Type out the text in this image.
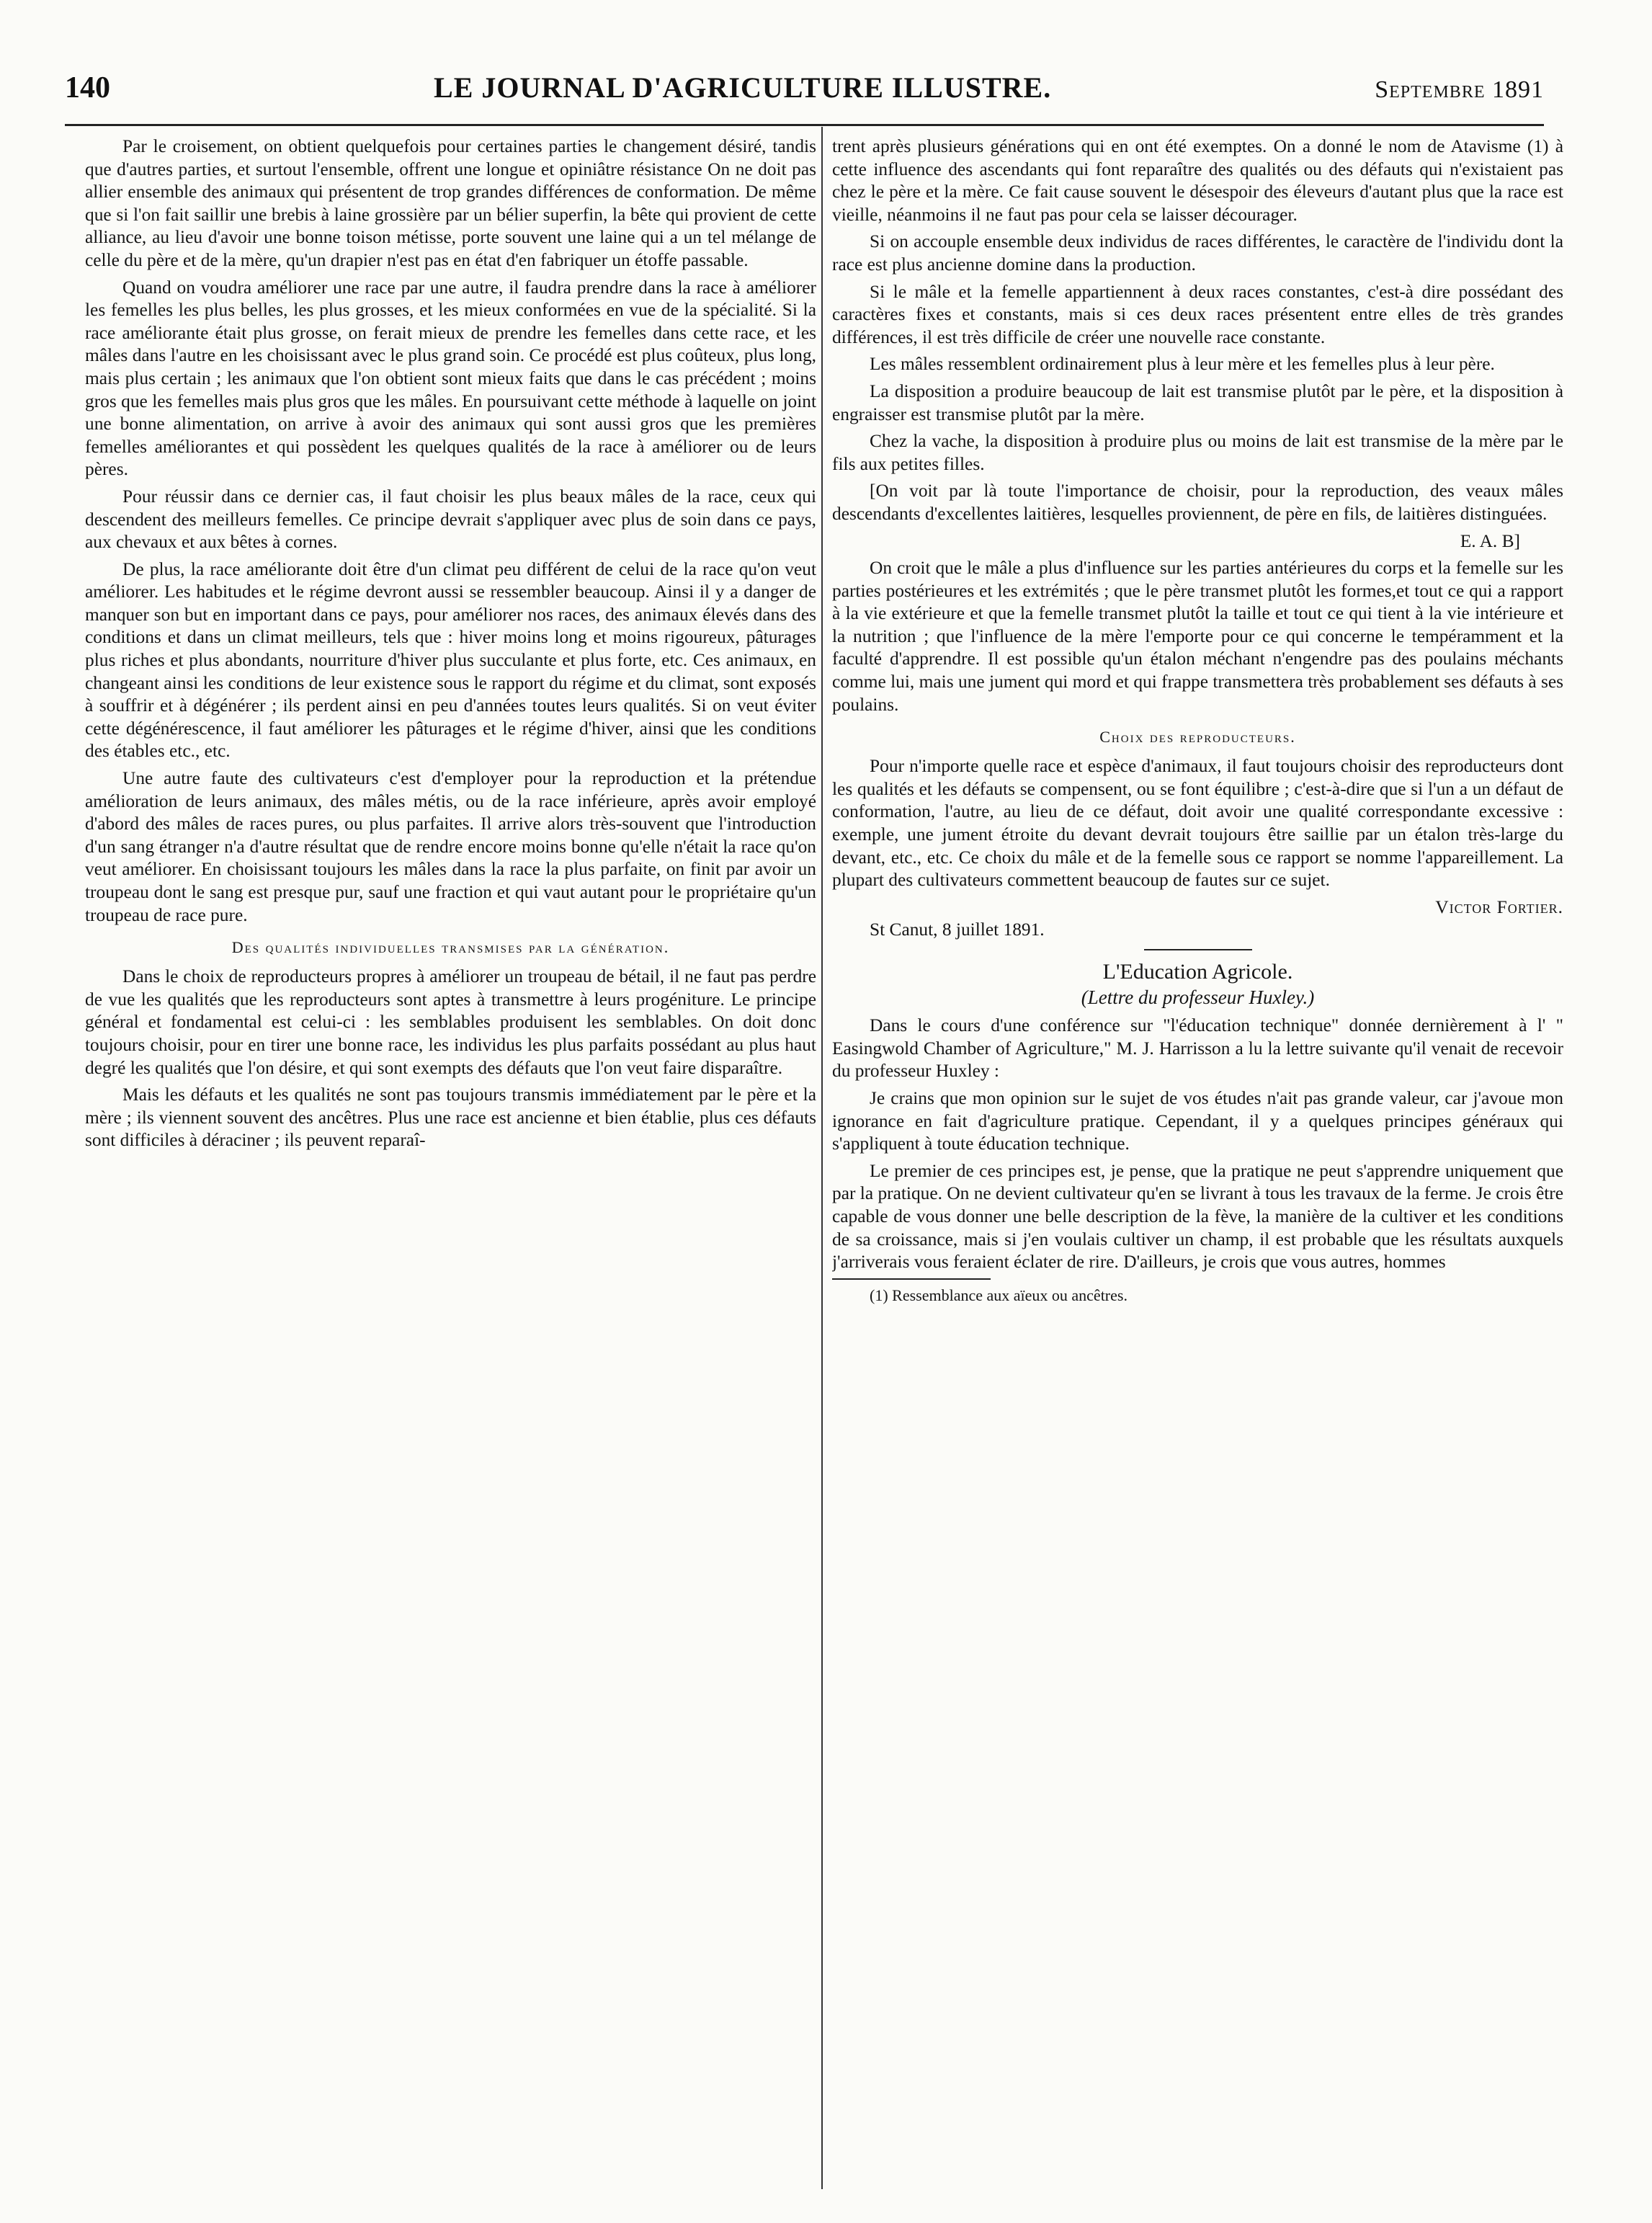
140	LE JOURNAL D'AGRICULTURE ILLUSTRE.	Septembre 1891

Par le croisement, on obtient quelquefois pour certaines parties le changement désiré, tandis que d'autres parties, et surtout l'ensemble, offrent une longue et opiniâtre résistance On ne doit pas allier ensemble des animaux qui présentent de trop grandes différences de conformation. De même que si l'on fait saillir une brebis à laine grossière par un bélier superfin, la bête qui provient de cette alliance, au lieu d'avoir une bonne toison métisse, porte souvent une laine qui a un tel mélange de celle du père et de la mère, qu'un drapier n'est pas en état d'en fabriquer un étoffe passable.

Quand on voudra améliorer une race par une autre, il faudra prendre dans la race à améliorer les femelles les plus belles, les plus grosses, et les mieux conformées en vue de la spécialité. Si la race améliorante était plus grosse, on ferait mieux de prendre les femelles dans cette race, et les mâles dans l'autre en les choisissant avec le plus grand soin. Ce procédé est plus coûteux, plus long, mais plus certain ; les animaux que l'on obtient sont mieux faits que dans le cas précédent ; moins gros que les femelles mais plus gros que les mâles. En poursuivant cette méthode à laquelle on joint une bonne alimentation, on arrive à avoir des animaux qui sont aussi gros que les premières femelles améliorantes et qui possèdent les quelques qualités de la race à améliorer ou de leurs pères.

Pour réussir dans ce dernier cas, il faut choisir les plus beaux mâles de la race, ceux qui descendent des meilleurs femelles. Ce principe devrait s'appliquer avec plus de soin dans ce pays, aux chevaux et aux bêtes à cornes.

De plus, la race améliorante doit être d'un climat peu différent de celui de la race qu'on veut améliorer. Les habitudes et le régime devront aussi se ressembler beaucoup. Ainsi il y a danger de manquer son but en important dans ce pays, pour améliorer nos races, des animaux élevés dans des conditions et dans un climat meilleurs, tels que : hiver moins long et moins rigoureux, pâturages plus riches et plus abondants, nourriture d'hiver plus succulante et plus forte, etc. Ces animaux, en changeant ainsi les conditions de leur existence sous le rapport du régime et du climat, sont exposés à souffrir et à dégénérer ; ils perdent ainsi en peu d'années toutes leurs qualités. Si on veut éviter cette dégénérescence, il faut améliorer les pâturages et le régime d'hiver, ainsi que les conditions des étables etc., etc.

Une autre faute des cultivateurs c'est d'employer pour la reproduction et la prétendue amélioration de leurs animaux, des mâles métis, ou de la race inférieure, après avoir employé d'abord des mâles de races pures, ou plus parfaites. Il arrive alors très-souvent que l'introduction d'un sang étranger n'a d'autre résultat que de rendre encore moins bonne qu'elle n'était la race qu'on veut améliorer. En choisissant toujours les mâles dans la race la plus parfaite, on finit par avoir un troupeau dont le sang est presque pur, sauf une fraction et qui vaut autant pour le propriétaire qu'un troupeau de race pure.

Des qualités individuelles transmises par la génération.

Dans le choix de reproducteurs propres à améliorer un troupeau de bétail, il ne faut pas perdre de vue les qualités que les reproducteurs sont aptes à transmettre à leurs progéniture. Le principe général et fondamental est celui-ci : les semblables produisent les semblables. On doit donc toujours choisir, pour en tirer une bonne race, les individus les plus parfaits possédant au plus haut degré les qualités que l'on désire, et qui sont exempts des défauts que l'on veut faire disparaître.

Mais les défauts et les qualités ne sont pas toujours transmis immédiatement par le père et la mère ; ils viennent souvent des ancêtres. Plus une race est ancienne et bien établie, plus ces défauts sont difficiles à déraciner ; ils peuvent reparaî-

trent après plusieurs générations qui en ont été exemptes. On a donné le nom de Atavisme (1) à cette influence des ascendants qui font reparaître des qualités ou des défauts qui n'existaient pas chez le père et la mère. Ce fait cause souvent le désespoir des éleveurs d'autant plus que la race est vieille, néanmoins il ne faut pas pour cela se laisser décourager.

Si on accouple ensemble deux individus de races différentes, le caractère de l'individu dont la race est plus ancienne domine dans la production.

Si le mâle et la femelle appartiennent à deux races constantes, c'est-à dire possédant des caractères fixes et constants, mais si ces deux races présentent entre elles de très grandes différences, il est très difficile de créer une nouvelle race constante.

Les mâles ressemblent ordinairement plus à leur mère et les femelles plus à leur père.

La disposition a produire beaucoup de lait est transmise plutôt par le père, et la disposition à engraisser est transmise plutôt par la mère.

Chez la vache, la disposition à produire plus ou moins de lait est transmise de la mère par le fils aux petites filles.

[On voit par là toute l'importance de choisir, pour la reproduction, des veaux mâles descendants d'excellentes laitières, lesquelles proviennent, de père en fils, de laitières distinguées.

E. A. B]

On croit que le mâle a plus d'influence sur les parties antérieures du corps et la femelle sur les parties postérieures et les extrémités ; que le père transmet plutôt les formes,et tout ce qui a rapport à la vie extérieure et que la femelle transmet plutôt la taille et tout ce qui tient à la vie intérieure et la nutrition ; que l'influence de la mère l'emporte pour ce qui concerne le tempéramment et la faculté d'apprendre. Il est possible qu'un étalon méchant n'engendre pas des poulains méchants comme lui, mais une jument qui mord et qui frappe transmettera très probablement ses défauts à ses poulains.

Choix des reproducteurs.

Pour n'importe quelle race et espèce d'animaux, il faut toujours choisir des reproducteurs dont les qualités et les défauts se compensent, ou se font équilibre ; c'est-à-dire que si l'un a un défaut de conformation, l'autre, au lieu de ce défaut, doit avoir une qualité correspondante excessive : exemple, une jument étroite du devant devrait toujours être saillie par un étalon très-large du devant, etc., etc. Ce choix du mâle et de la femelle sous ce rapport se nomme l'appareillement. La plupart des cultivateurs commettent beaucoup de fautes sur ce sujet.

Victor Fortier.

St Canut, 8 juillet 1891.

L'Education Agricole.
(Lettre du professeur Huxley.)

Dans le cours d'une conférence sur "l'éducation technique" donnée dernièrement à l' " Easingwold Chamber of Agriculture," M. J. Harrisson a lu la lettre suivante qu'il venait de recevoir du professeur Huxley :

Je crains que mon opinion sur le sujet de vos études n'ait pas grande valeur, car j'avoue mon ignorance en fait d'agriculture pratique. Cependant, il y a quelques principes généraux qui s'appliquent à toute éducation technique.

Le premier de ces principes est, je pense, que la pratique ne peut s'apprendre uniquement que par la pratique. On ne devient cultivateur qu'en se livrant à tous les travaux de la ferme. Je crois être capable de vous donner une belle description de la fève, la manière de la cultiver et les conditions de sa croissance, mais si j'en voulais cultiver un champ, il est probable que les résultats auxquels j'arriverais vous feraient éclater de rire. D'ailleurs, je crois que vous autres, hommes

(1) Ressemblance aux aïeux ou ancêtres.
